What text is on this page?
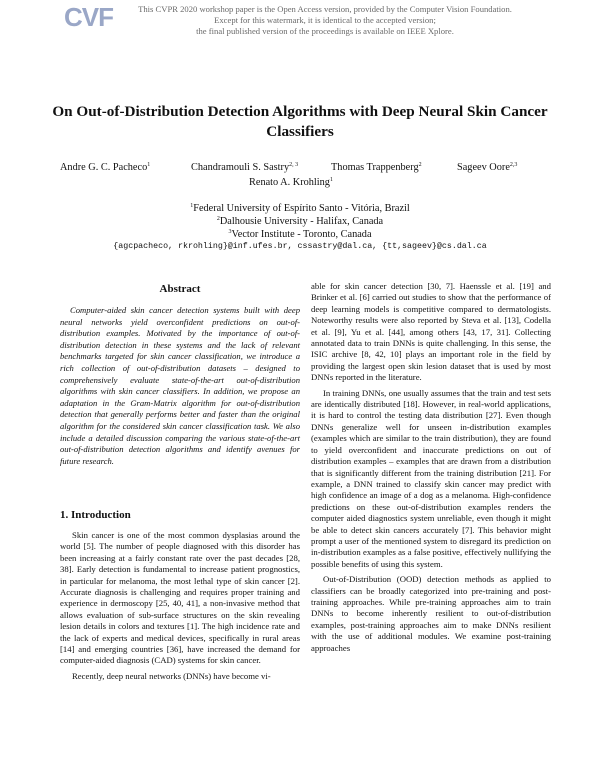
CVF	This CVPR 2020 workshop paper is the Open Access version, provided by the Computer Vision Foundation.
Except for this watermark, it is identical to the accepted version;
the final published version of the proceedings is available on IEEE Xplore.
On Out-of-Distribution Detection Algorithms with Deep Neural Skin Cancer
Classifiers
Andre G. C. Pacheco$^1$	Chandramouli S. Sastry$^{2, 3}$	Thomas Trappenberg$^2$	Sageev Oore$^{2,3}$
Renato A. Krohling$^1$
$^1$Federal University of Espírito Santo - Vitória, Brazil
$^2$Dalhousie University - Halifax, Canada
$^3$Vector Institute - Toronto, Canada
{agcpacheco, rkrohling}@inf.ufes.br, cssastry@dal.ca, {tt,sageev}@cs.dal.ca
Abstract
Computer-aided skin cancer detection systems built with deep neural networks yield overconfident predictions on out-of-distribution examples. Motivated by the importance of out-of-distribution detection in these systems and the lack of relevant benchmarks targeted for skin cancer classification, we introduce a rich collection of out-of-distribution datasets – designed to comprehensively evaluate state-of-the-art out-of-distribution algorithms with skin cancer classifiers. In addition, we propose an adaptation in the Gram-Matrix algorithm for out-of-distribution detection that generally performs better and faster than the original algorithm for the considered skin cancer classification task. We also include a detailed discussion comparing the various state-of-the-art out-of-distribution detection algorithms and identify avenues for future research.
1. Introduction

Skin cancer is one of the most common dysplasias around the world [5]. The number of people diagnosed with this disorder has been increasing at a fairly constant rate over the past decades [28, 38]. Early detection is fundamental to increase patient prognostics, in particular for melanoma, the most lethal type of skin cancer [2]. Accurate diagnosis is challenging and requires proper training and experience in dermoscopy [25, 40, 41], a non-invasive method that allows evaluation of sub-surface structures on the skin revealing lesion details in colors and textures [1]. The high incidence rate and the lack of experts and medical devices, specifically in rural areas [14] and emerging countries [36], have increased the demand for computer-aided diagnosis (CAD) systems for skin cancer.

Recently, deep neural networks (DNNs) have become vi-

able for skin cancer detection [30, 7]. Haenssle et al. [19] and Brinker et al. [6] carried out studies to show that the performance of deep learning models is competitive compared to dermatologists. Noteworthy results were also reported by Steva et al. [13], Codella et al. [9], Yu et al. [44], among others [43, 17, 31]. Collecting annotated data to train DNNs is quite challenging. In this sense, the ISIC archive [8, 42, 10] plays an important role in the field by providing the largest open skin lesion dataset that is used by most DNNs reported in the literature.

In training DNNs, one usually assumes that the train and test sets are identically distributed [18]. However, in real-world applications, it is hard to control the testing data distribution [27]. Even though DNNs generalize well for unseen in-distribution examples (examples which are similar to the train distribution), they are found to yield overconfident and inaccurate predictions on out of distribution examples – examples that are drawn from a distribution that is significantly different from the training distribution [21]. For example, a DNN trained to classify skin cancer may predict with high confidence an image of a dog as a melanoma. High-confidence predictions on these out-of-distribution examples renders the computer aided diagnostics system unreliable, even though it might be able to detect skin cancers accurately [7]. This behavior might prompt a user of the mentioned system to disregard its prediction on in-distribution examples as a false positive, effectively nullifying the possible benefits of using this system.

Out-of-Distribution (OOD) detection methods as applied to classifiers can be broadly categorized into pre-training and post-training approaches. While pre-training approaches aim to train DNNs to become inherently resilient to out-of-distribution examples, post-training approaches aim to make DNNs resilient with the use of additional modules. We examine post-training approaches
